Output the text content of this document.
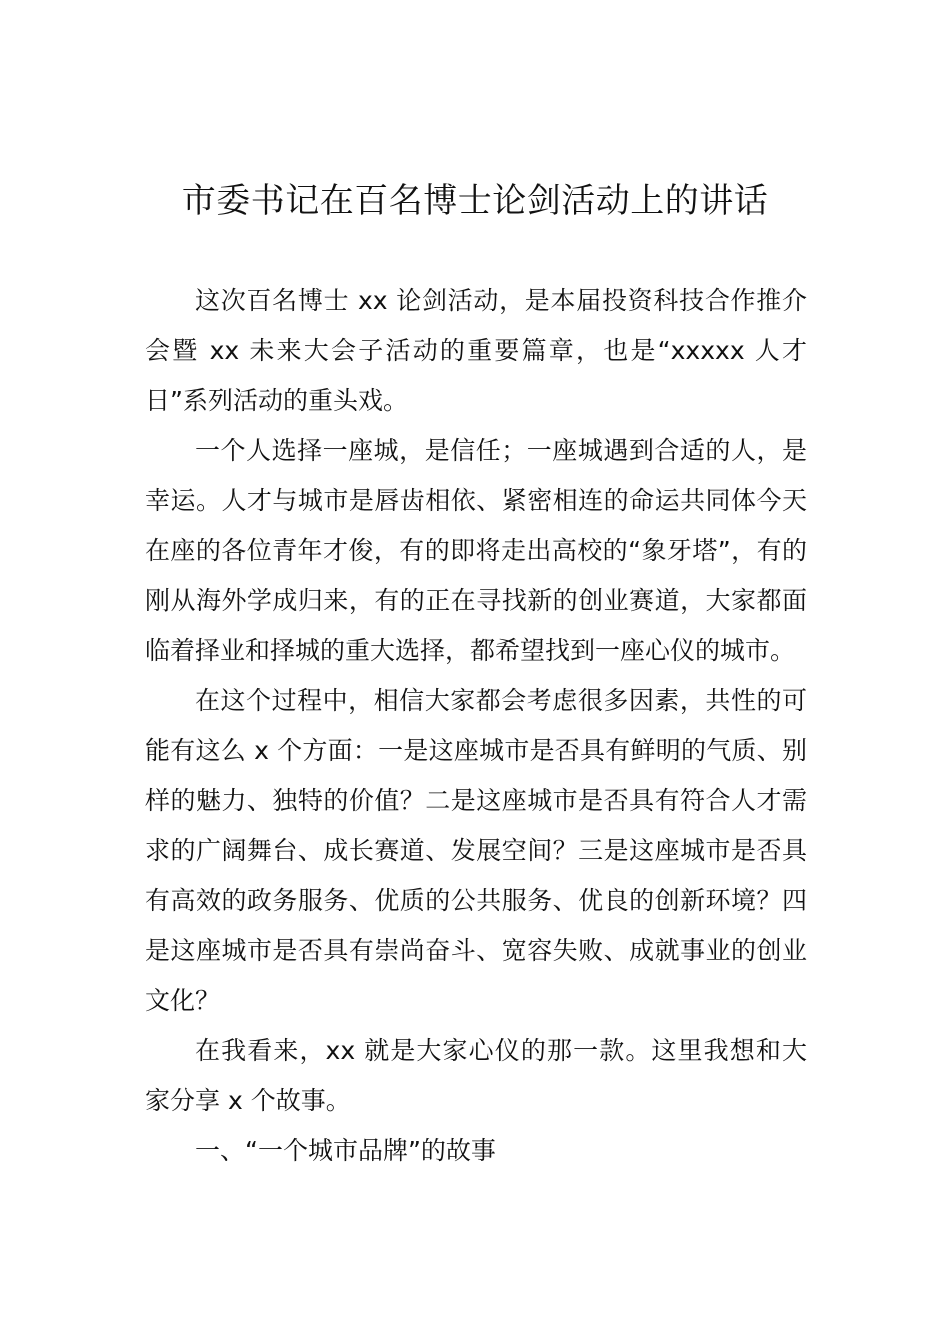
市委书记在百名博士论剑活动上的讲话

这次百名博士 xx 论剑活动，是本届投资科技合作推介会暨 xx 未来大会子活动的重要篇章，也是“xxxxx 人才日”系列活动的重头戏。

一个人选择一座城，是信任；一座城遇到合适的人，是幸运。人才与城市是唇齿相依、紧密相连的命运共同体今天在座的各位青年才俊，有的即将走出高校的“象牙塔”，有的刚从海外学成归来，有的正在寻找新的创业赛道，大家都面临着择业和择城的重大选择，都希望找到一座心仪的城市。

在这个过程中，相信大家都会考虑很多因素，共性的可能有这么 x 个方面：一是这座城市是否具有鲜明的气质、别样的魅力、独特的价值？二是这座城市是否具有符合人才需求的广阔舞台、成长赛道、发展空间？三是这座城市是否具有高效的政务服务、优质的公共服务、优良的创新环境？四是这座城市是否具有崇尚奋斗、宽容失败、成就事业的创业文化？

在我看来，xx 就是大家心仪的那一款。这里我想和大家分享 x 个故事。

一、“一个城市品牌”的故事
